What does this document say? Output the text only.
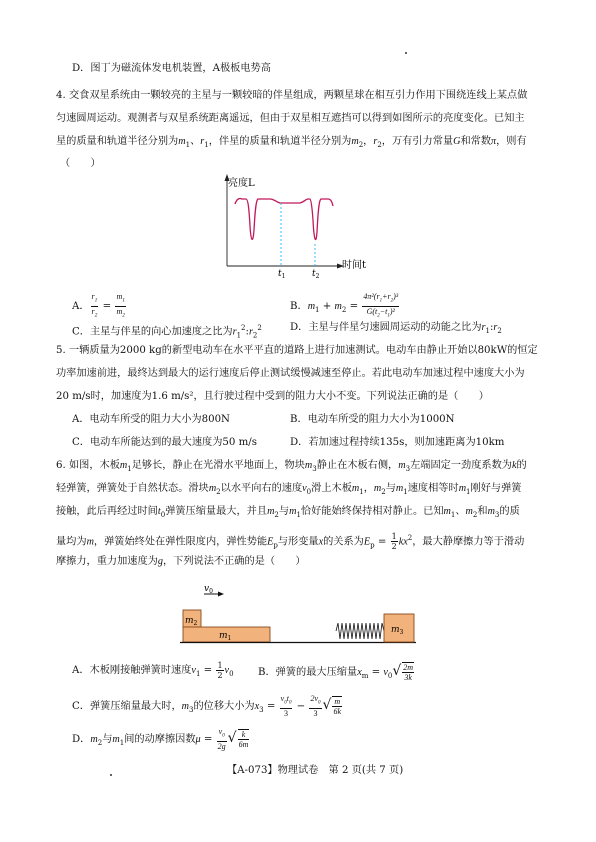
D．图丁为磁流体发电机装置，A极板电势高
4. 交食双星系统由一颗较亮的主星与一颗较暗的伴星组成，两颗星球在相互引力作用下围绕连线上某点做
匀速圆周运动。观测者与双星系统距离遥远，但由于双星相互遮挡可以得到如图所示的亮度变化。已知主
星的质量和轨道半径分别为$m_1$、$r_1$，伴星的质量和轨道半径分别为$m_2$，$r_2$，万有引力常量G和常数π，则有
（　　）
亮度L
时间t
$t_1$	$t_2$
A． $\frac{r_1}{r_2} = \frac{m_1}{m_2}$	B．$m_1 + m_2 = \frac{4\pi^2(r_1+r_2)^3}{G(t_2-t_1)^2}$
C．主星与伴星的向心加速度之比为$r_1^2:r_2^2$	D．主星与伴星匀速圆周运动的动能之比为$r_1:r_2$
5. 一辆质量为2000 kg的新型电动车在水平平直的道路上进行加速测试。电动车由静止开始以80kW的恒定
功率加速前进，最终达到最大的运行速度后停止测试缓慢减速至停止。若此电动车加速过程中速度大小为
20 m/s时，加速度为1.6 m/s²，且行驶过程中受到的阻力大小不变。下列说法正确的是（　　）
A．电动车所受的阻力大小为800N	B．电动车所受的阻力大小为1000N
C．电动车所能达到的最大速度为50 m/s	D．若加速过程持续135s，则加速距离为10km
6. 如图，木板$m_1$足够长，静止在光滑水平地面上，物块$m_3$静止在木板右侧，$m_3$左端固定一劲度系数为k的
轻弹簧，弹簧处于自然状态。滑块$m_2$以水平向右的速度$v_0$滑上木板$m_1$，$m_2$与$m_1$速度相等时$m_1$刚好与弹簧
接触，此后再经过时间$t_0$弹簧压缩量最大，并且$m_2$与$m_1$恰好能始终保持相对静止。已知$m_1$、$m_2$和$m_3$的质
量均为m，弹簧始终处在弹性限度内，弹性势能$E_p$与形变量x的关系为$E_p = \frac{1}{2} kx^2$，最大静摩擦力等于滑动
摩擦力，重力加速度为g，下列说法不正确的是（　　）
$v_0$
$m_2$
$m_1$
$m_3$
A．木板刚接触弹簧时速度$v_1 = \frac{1}{2} v_0$ B．弹簧的最大压缩量$x_m = v_0√ \frac{2m}{3k}$
C．弹簧压缩量最大时，$m_3$的位移大小为$x_3 = \frac{v_0t_0}{3} - \frac{2v_0}{3}$ √ $\frac{m}{6k}$
D．$m_2$与$m_1$间的动摩擦因数$\mu = \frac{v_0}{2g}$ √ $\frac{k}{6m}$
【A-073】物理试卷　第 2 页(共 7 页)
